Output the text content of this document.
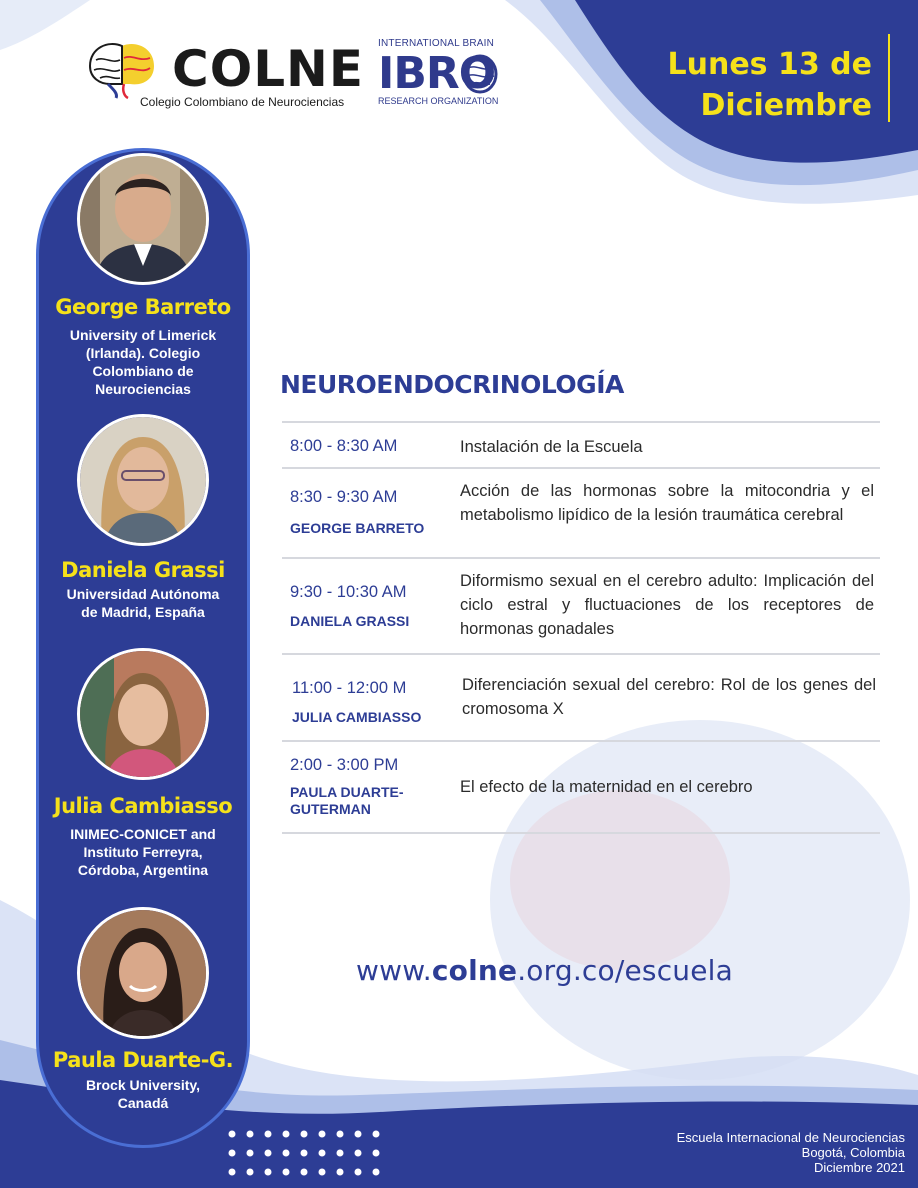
COLNE
Colegio Colombiano de Neurociencias
INTERNATIONAL BRAIN
IBRO
RESEARCH ORGANIZATION
Lunes 13 de
Diciembre
George Barreto
University of Limerick
(Irlanda). Colegio
Colombiano de
Neurociencias
Daniela Grassi
Universidad Autónoma
de Madrid, España
Julia Cambiasso
INIMEC-CONICET and
Instituto Ferreyra,
Córdoba, Argentina
Paula Duarte-G.
Brock University,
Canadá
NEUROENDOCRINOLOGÍA
8:00 - 8:30 AM	Instalación de la Escuela
8:30 - 9:30 AM
GEORGE BARRETO
Acción de las hormonas sobre la mitocondria y el metabolismo lipídico de la lesión traumática cerebral
9:30 - 10:30 AM
DANIELA GRASSI
Diformismo sexual en el cerebro adulto: Implicación del ciclo estral y fluctuaciones de los receptores de hormonas gonadales
11:00 - 12:00 M
JULIA CAMBIASSO
Diferenciación sexual del cerebro: Rol de los genes del cromosoma X
2:00 - 3:00 PM
PAULA DUARTE-
GUTERMAN
El efecto de la maternidad en el cerebro
www.colne.org.co/escuela
Escuela Internacional de Neurociencias
Bogotá, Colombia
Diciembre 2021
